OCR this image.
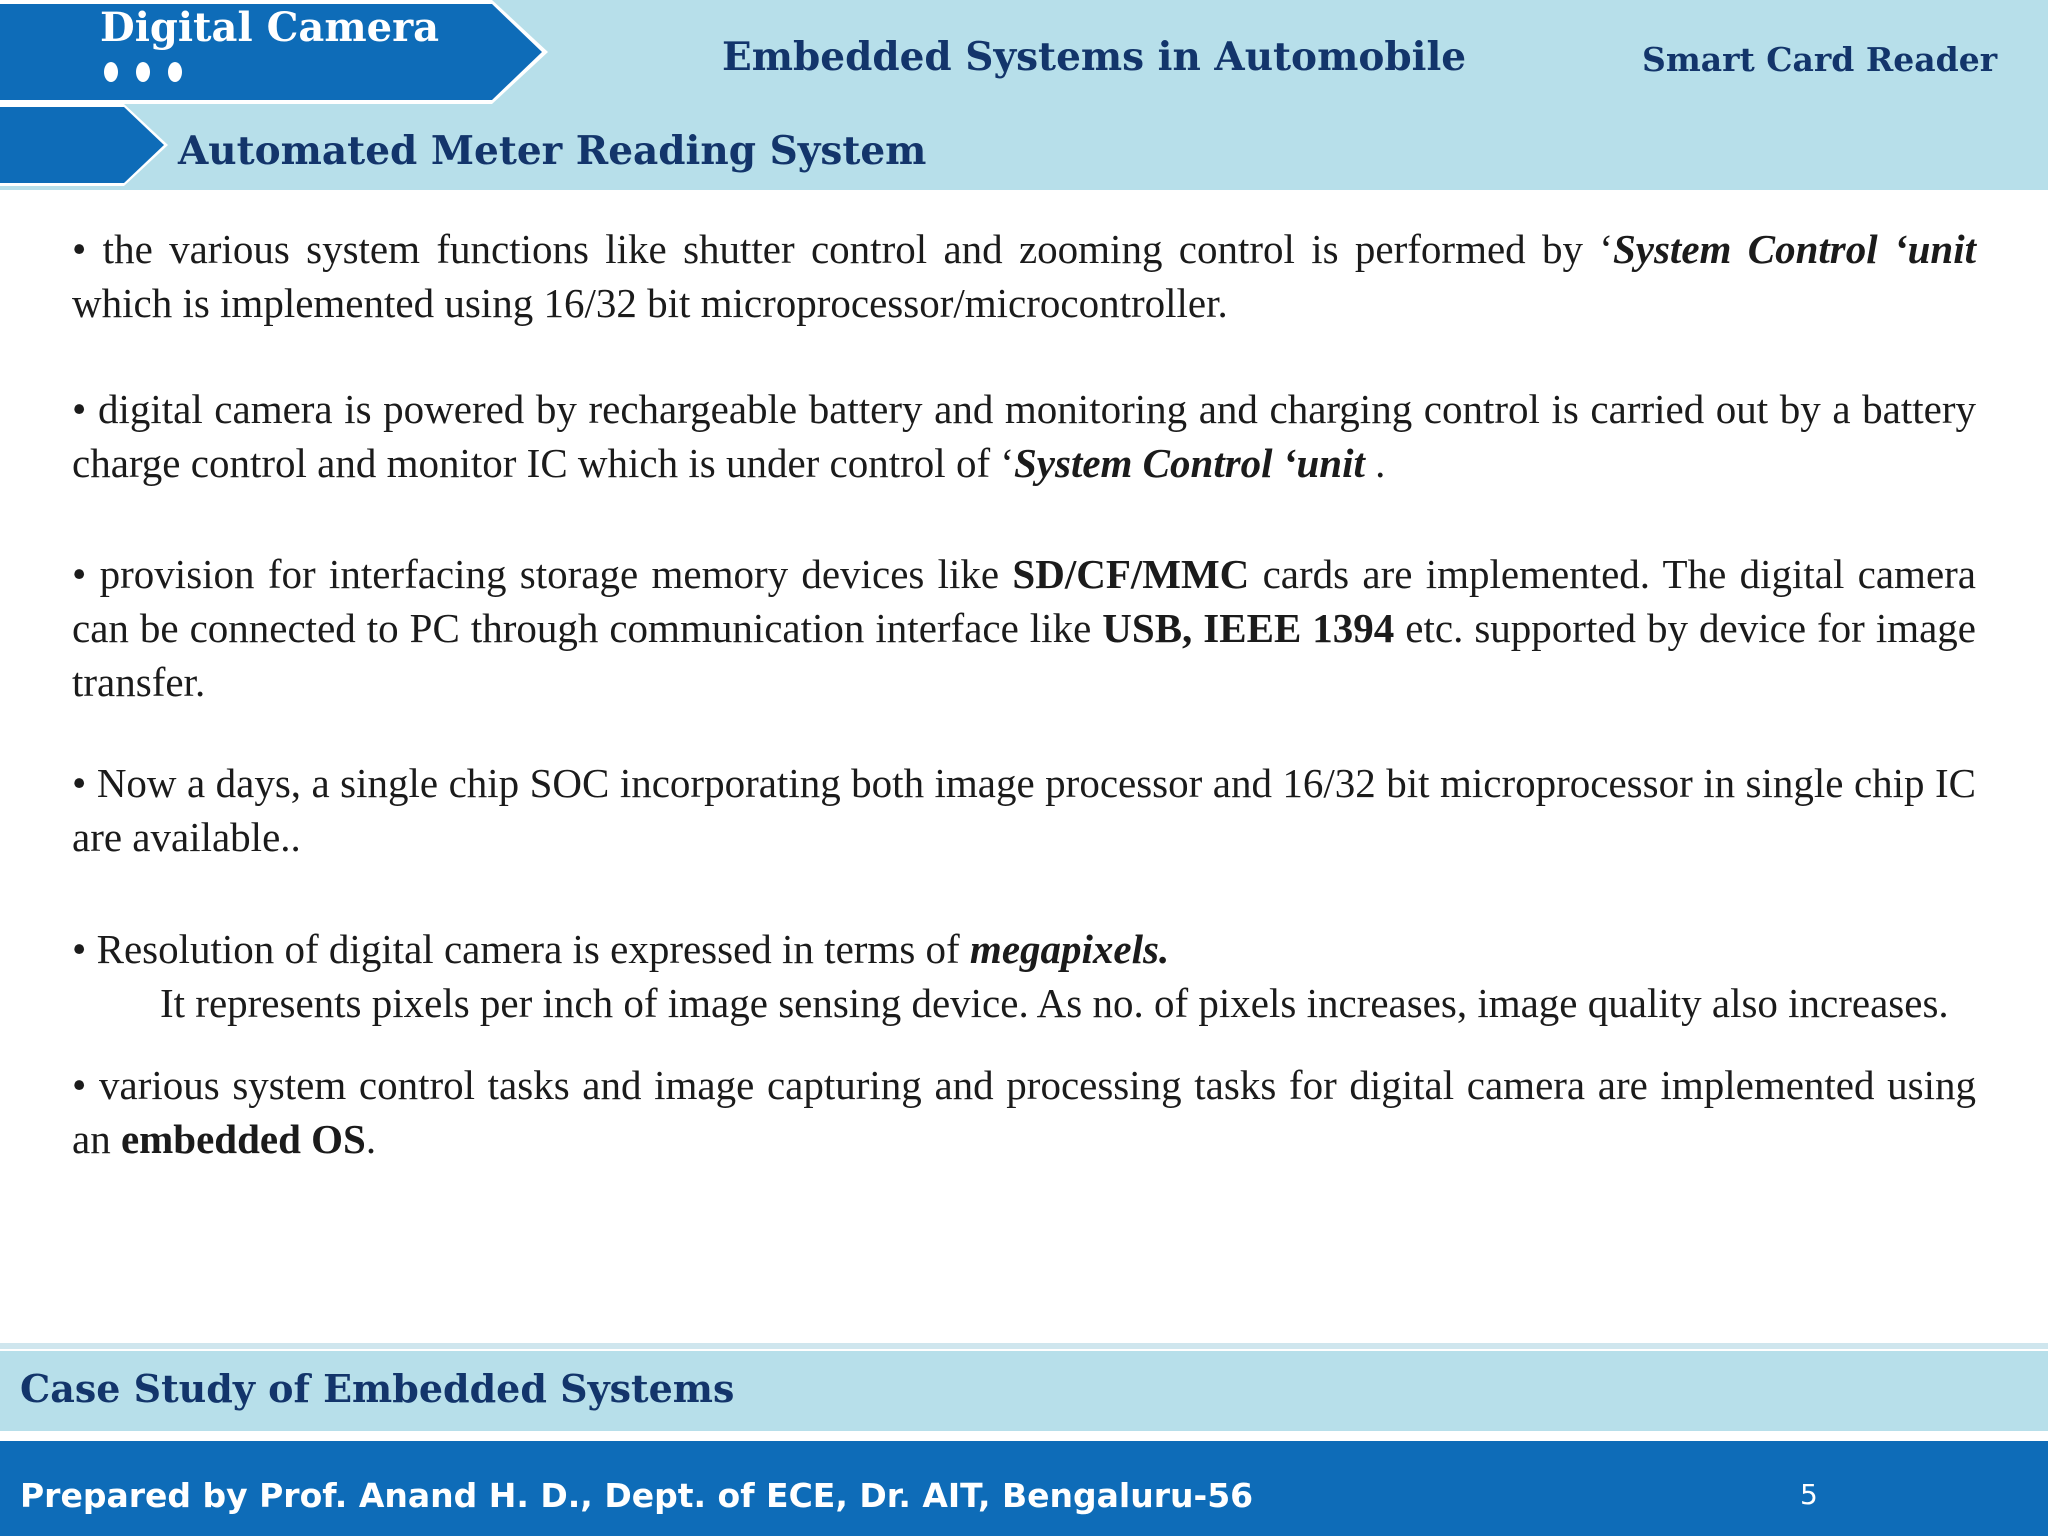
Digital Camera
Embedded Systems in Automobile	Smart Card Reader
Automated Meter Reading System

• the various system functions like shutter control and zooming control is performed by ‘System Control ‘unit which is implemented using 16/32 bit microprocessor/microcontroller.

• digital camera is powered by rechargeable battery and monitoring and charging control is carried out by a battery charge control and monitor IC which is under control of ‘System Control ‘unit .

• provision for interfacing storage memory devices like SD/CF/MMC cards are implemented. The digital camera can be connected to PC through communication interface like USB, IEEE 1394 etc. supported by device for image transfer.

• Now a days, a single chip SOC incorporating both image processor and 16/32 bit microprocessor in single chip IC are available..

• Resolution of digital camera is expressed in terms of megapixels.

It represents pixels per inch of image sensing device. As no. of pixels increases, image quality also increases.

• various system control tasks and image capturing and processing tasks for digital camera are implemented using an embedded OS.

Case Study of Embedded Systems
Prepared by Prof. Anand H. D., Dept. of ECE, Dr. AIT, Bengaluru-56	5
